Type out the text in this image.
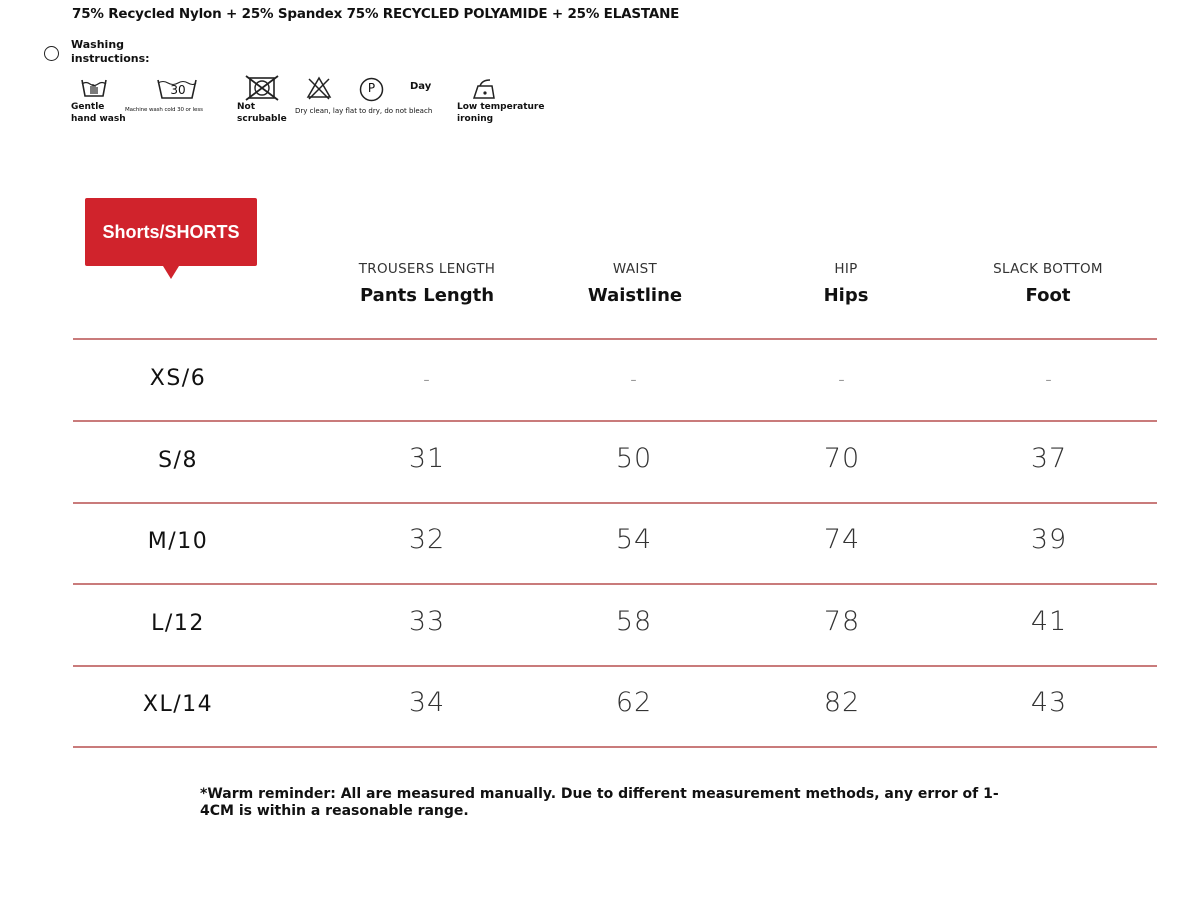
75% Recycled Nylon + 25% Spandex 75% RECYCLED POLYAMIDE + 25% ELASTANE
Washing instructions:
Gentle hand wash
30
Machine wash cold 30 or less	Not scrubable
Dry clean, lay flat to dry, do not bleach
P	Day
Low temperature ironing
Shorts/SHORTS
TROUSERS LENGTH
Pants Length
WAIST
Waistline
HIP
Hips
SLACK BOTTOM
Foot
XS/6	-	-	-	-
S/8	31	50	70	37
M/10	32	54	74	39
L/12	33	58	78	41
XL/14	34	62	82	43
*Warm reminder: All are measured manually. Due to different measurement methods, any error of 1-4CM is within a reasonable range.
